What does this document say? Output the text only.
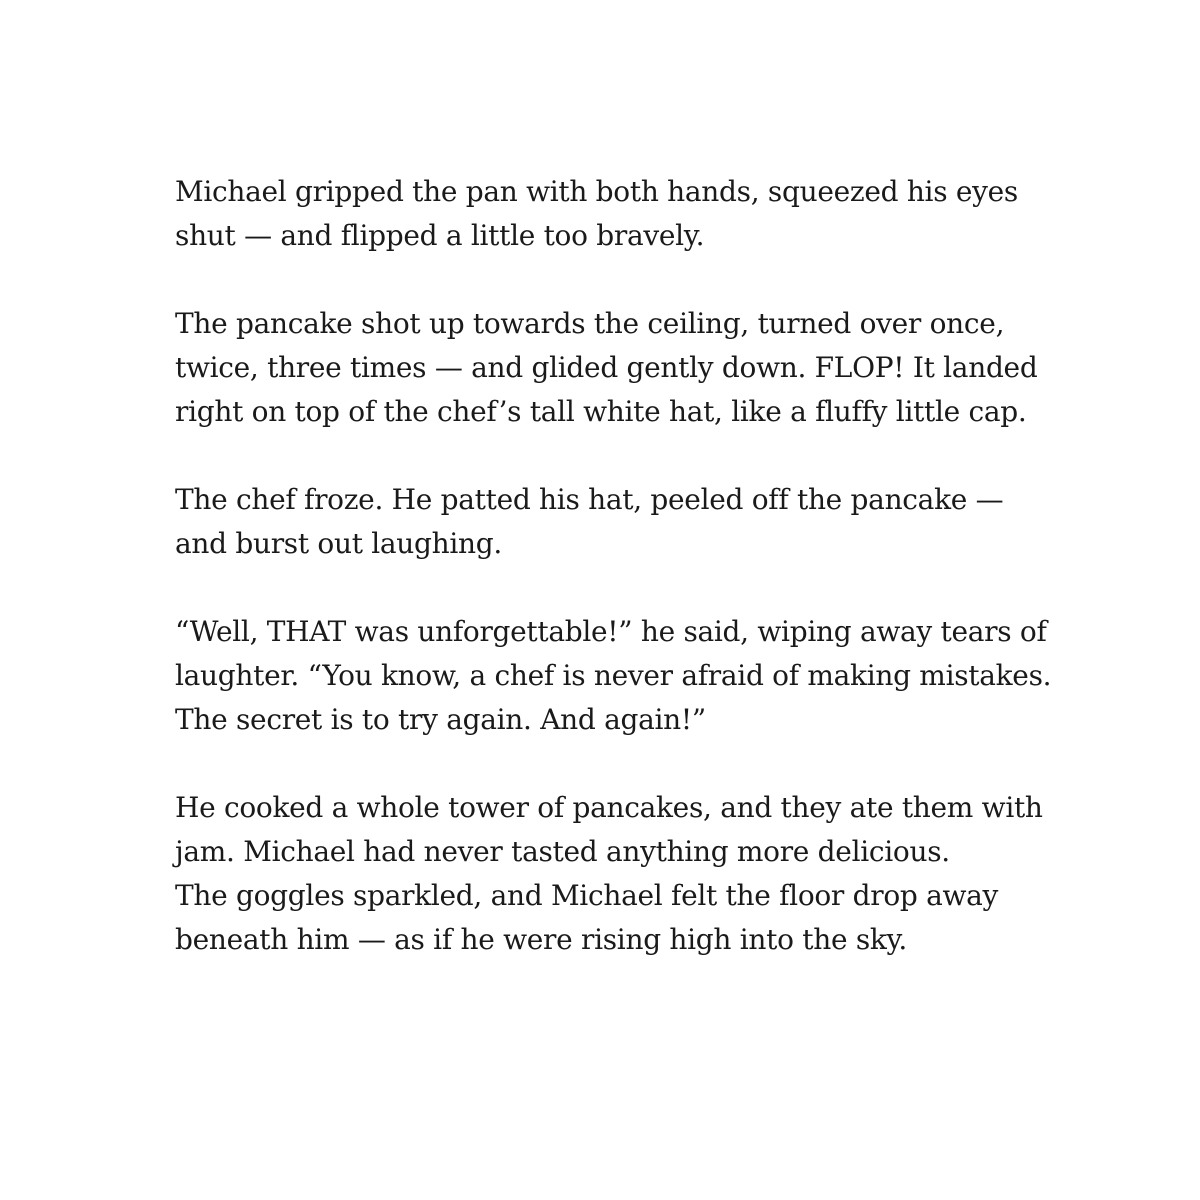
Michael gripped the pan with both hands, squeezed his eyes
shut — and flipped a little too bravely.

The pancake shot up towards the ceiling, turned over once,
twice, three times — and glided gently down. FLOP! It landed
right on top of the chef’s tall white hat, like a fluffy little cap.

The chef froze. He patted his hat, peeled off the pancake —
and burst out laughing.

“Well, THAT was unforgettable!” he said, wiping away tears of
laughter. “You know, a chef is never afraid of making mistakes.
The secret is to try again. And again!”

He cooked a whole tower of pancakes, and they ate them with
jam. Michael had never tasted anything more delicious.
The goggles sparkled, and Michael felt the floor drop away
beneath him — as if he were rising high into the sky.
